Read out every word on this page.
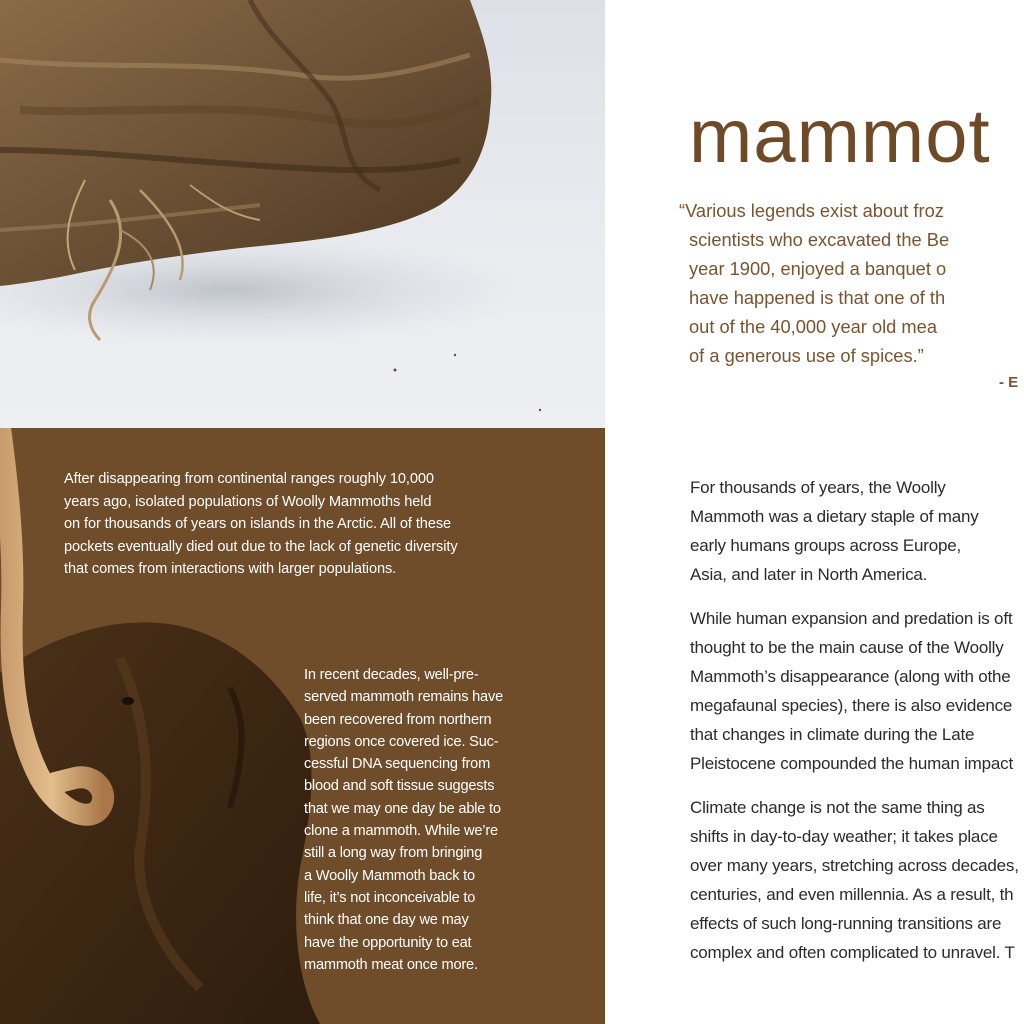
After disappearing from continental ranges roughly 10,000
years ago, isolated populations of Woolly Mammoths held
on for thousands of years on islands in the Arctic. All of these
pockets eventually died out due to the lack of genetic diversity
that comes from interactions with larger populations.
In recent decades, well-pre-
served mammoth remains have
been recovered from northern
regions once covered ice. Suc-
cessful DNA sequencing from
blood and soft tissue suggests
that we may one day be able to
clone a mammoth. While we’re
still a long way from bringing
a Woolly Mammoth back to
life, it’s not inconceivable to
think that one day we may
have the opportunity to eat
mammoth meat once more.
mammot
“Various legends exist about froz
scientists who excavated the Be
year 1900, enjoyed a banquet o
have happened is that one of th
out of the 40,000 year old mea
of a generous use of spices.”
- E

For thousands of years, the Woolly
Mammoth was a dietary staple of many
early humans groups across Europe,
Asia, and later in North America.

While human expansion and predation is oft
thought to be the main cause of the Woolly
Mammoth’s disappearance (along with othe
megafaunal species), there is also evidence
that changes in climate during the Late
Pleistocene compounded the human impact

Climate change is not the same thing as
shifts in day-to-day weather; it takes place
over many years, stretching across decades,
centuries, and even millennia. As a result, th
effects of such long-running transitions are
complex and often complicated to unravel. T
